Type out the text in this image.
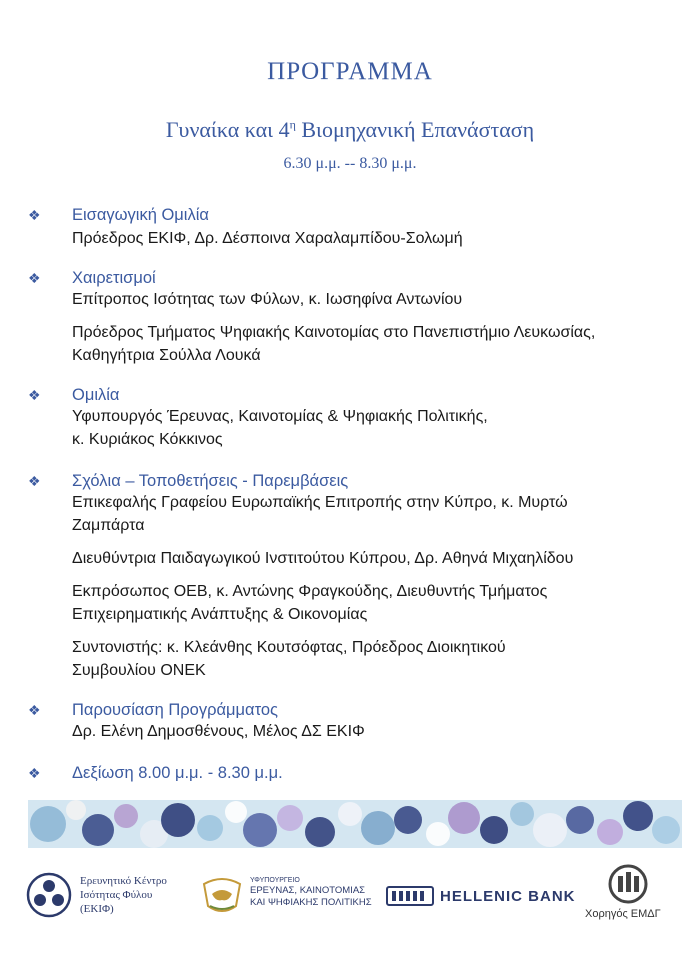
ΠΡΟΓΡΑΜΜΑ
Γυναίκα και $4^\eta$ Βιομηχανική Επανάσταση
6.30 μ.μ. -- 8.30 μ.μ.
❖ Εισαγωγική Ομιλία
Πρόεδρος ΕΚΙΦ, Δρ. Δέσποινα Χαραλαμπίδου-Σολωμή
❖ Χαιρετισμοί
Επίτροπος Ισότητας των Φύλων, κ. Ιωσηφίνα Αντωνίου
Πρόεδρος Τμήματος Ψηφιακής Καινοτομίας στο Πανεπιστήμιο Λευκωσίας,
Καθηγήτρια Σούλλα Λουκά
❖ Ομιλία
Υφυπουργός Έρευνας, Καινοτομίας & Ψηφιακής Πολιτικής,
κ. Κυριάκος Κόκκινος
❖ Σχόλια – Τοποθετήσεις - Παρεμβάσεις
Επικεφαλής Γραφείου Ευρωπαϊκής Επιτροπής στην Κύπρο, κ. Μυρτώ
Ζαμπάρτα
Διευθύντρια Παιδαγωγικού Ινστιτούτου Κύπρου, Δρ. Αθηνά Μιχαηλίδου
Εκπρόσωπος ΟΕΒ, κ. Αντώνης Φραγκούδης, Διευθυντής Τμήματος
Επιχειρηματικής Ανάπτυξης & Οικονομίας
Συντονιστής: κ. Κλεάνθης Κουτσόφτας, Πρόεδρος Διοικητικού
Συμβουλίου ΟΝΕΚ
❖ Παρουσίαση Προγράμματος
Δρ. Ελένη Δημοσθένους, Μέλος ΔΣ ΕΚΙΦ
❖ Δεξίωση 8.00 μ.μ. - 8.30 μ.μ.
Ερευνητικό Κέντρο
Ισότητας Φύλου
(ΕΚΙΦ)
ΥΦΥΠΟΥΡΓΕΙΟ
ΕΡΕΥΝΑΣ, ΚΑΙΝΟΤΟΜΙΑΣ
ΚΑΙ ΨΗΦΙΑΚΗΣ ΠΟΛΙΤΙΚΗΣ	HELLENIC BANK
Χορηγός ΕΜΔΓ
